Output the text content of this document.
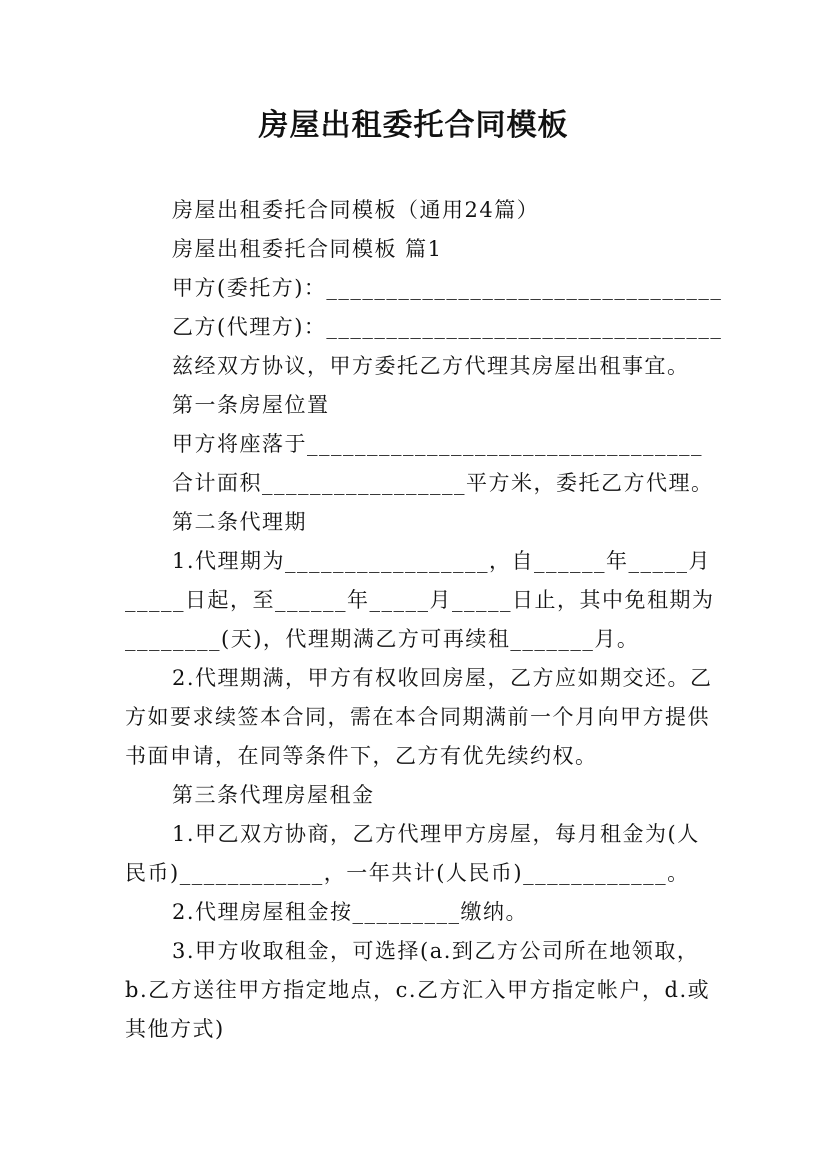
房屋出租委托合同模板
房屋出租委托合同模板（通用24篇）
房屋出租委托合同模板 篇1
甲方(委托方)：_________________________________
乙方(代理方)：_________________________________
兹经双方协议，甲方委托乙方代理其房屋出租事宜。
第一条房屋位置
甲方将座落于_________________________________
合计面积_________________平方米，委托乙方代理。
第二条代理期
1.代理期为_________________，自______年_____月
_____日起，至______年_____月_____日止，其中免租期为
________(天)，代理期满乙方可再续租_______月。
2.代理期满，甲方有权收回房屋，乙方应如期交还。乙
方如要求续签本合同，需在本合同期满前一个月向甲方提供
书面申请，在同等条件下，乙方有优先续约权。
第三条代理房屋租金
1.甲乙双方协商，乙方代理甲方房屋，每月租金为(人
民币)____________，一年共计(人民币)____________。
2.代理房屋租金按_________缴纳。
3.甲方收取租金，可选择(a.到乙方公司所在地领取，
b.乙方送往甲方指定地点，c.乙方汇入甲方指定帐户，d.或
其他方式)
